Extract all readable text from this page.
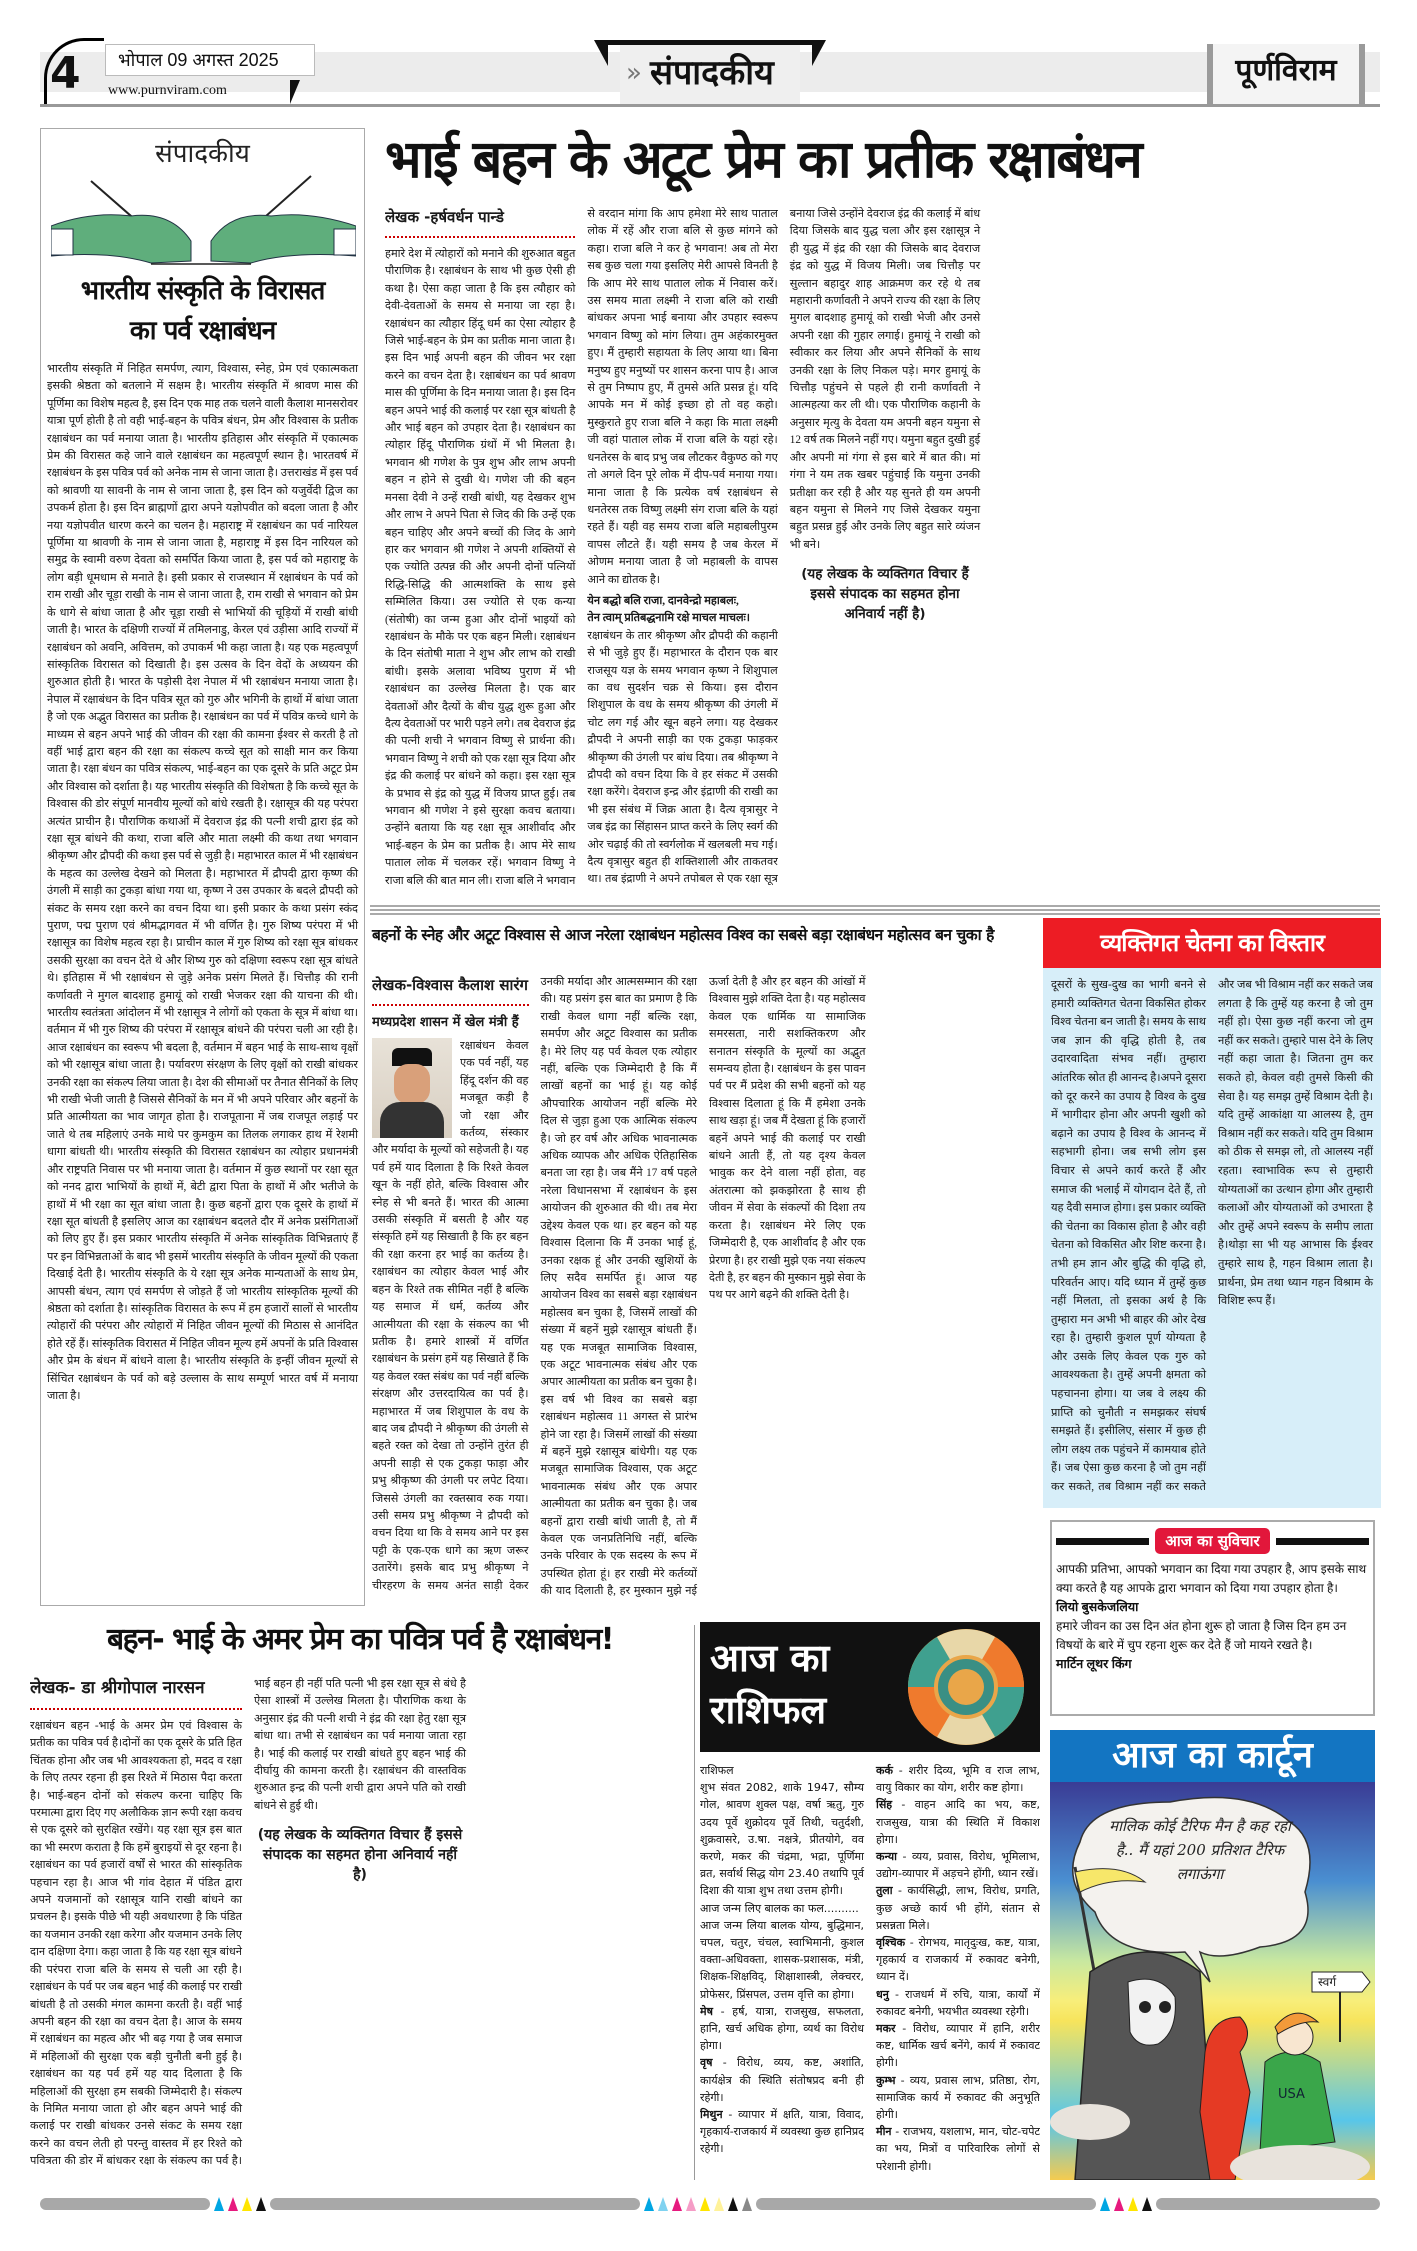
4	भोपाल 09 अगस्त 2025
www.purnviram.com
» संपादकीय	पूर्णविराम
संपादकीय
भारतीय संस्कृति के विरासत
का पर्व रक्षाबंधन
भारतीय संस्कृति में निहित समर्पण, त्याग, विश्वास, स्नेह, प्रेम एवं एकात्मकता इसकी श्रेष्ठता को बतलाने में सक्षम है। भारतीय संस्कृति में श्रावण मास की पूर्णिमा का विशेष महत्व है, इस दिन एक माह तक चलने वाली कैलाश मानसरोवर यात्रा पूर्ण होती है तो वही भाई-बहन के पवित्र बंधन, प्रेम और विश्वास के प्रतीक रक्षाबंधन का पर्व मनाया जाता है। भारतीय इतिहास और संस्कृति में एकात्मक प्रेम की विरासत कहे जाने वाले रक्षाबंधन का महत्वपूर्ण स्थान है। भारतवर्ष में रक्षाबंधन के इस पवित्र पर्व को अनेक नाम से जाना जाता है। उत्तराखंड में इस पर्व को श्रावणी या सावनी के नाम से जाना जाता है, इस दिन को यजुर्वेदी द्विज का उपकर्म होता है। इस दिन ब्राह्मणों द्वारा अपने यज्ञोपवीत को बदला जाता है और नया यज्ञोपवीत धारण करने का चलन है। महाराष्ट्र में रक्षाबंधन का पर्व नारियल पूर्णिमा या श्रावणी के नाम से जाना जाता है, महाराष्ट्र में इस दिन नारियल को समुद्र के स्वामी वरुण देवता को समर्पित किया जाता है, इस पर्व को महाराष्ट्र के लोग बड़ी धूमधाम से मनाते है। इसी प्रकार से राजस्थान में रक्षाबंधन के पर्व को राम राखी और चूड़ा राखी के नाम से जाना जाता है, राम राखी से भगवान को प्रेम के धागे से बांधा जाता है और चूड़ा राखी से भाभियों की चूड़ियों में राखी बांधी जाती है। भारत के दक्षिणी राज्यों में तमिलनाडु, केरल एवं उड़ीसा आदि राज्यों में रक्षाबंधन को अवनि, अवित्तम, को उपाकर्म भी कहा जाता है। यह एक महत्वपूर्ण सांस्कृतिक विरासत को दिखाती है। इस उत्सव के दिन वेदों के अध्ययन की शुरुआत होती है। भारत के पड़ोसी देश नेपाल में भी रक्षाबंधन मनाया जाता है। नेपाल में रक्षाबंधन के दिन पवित्र सूत को गुरु और भगिनी के हाथों में बांधा जाता है जो एक अद्भुत विरासत का प्रतीक है। रक्षाबंधन का पर्व में पवित्र कच्चे धागे के माध्यम से बहन अपने भाई की जीवन की रक्षा की कामना ईश्वर से करती है तो वहीं भाई द्वारा बहन की रक्षा का संकल्प कच्चे सूत को साक्षी मान कर किया जाता है। रक्षा बंधन का पवित्र संकल्प, भाई-बहन का एक दूसरे के प्रति अटूट प्रेम और विश्वास को दर्शाता है। यह भारतीय संस्कृति की विशेषता है कि कच्चे सूत के विश्वास की डोर संपूर्ण मानवीय मूल्यों को बांधे रखती है। रक्षासूत्र की यह परंपरा अत्यंत प्राचीन है। पौराणिक कथाओं में देवराज इंद्र की पत्नी शची द्वारा इंद्र को रक्षा सूत्र बांधने की कथा, राजा बलि और माता लक्ष्मी की कथा तथा भगवान श्रीकृष्ण और द्रौपदी की कथा इस पर्व से जुड़ी है। महाभारत काल में भी रक्षाबंधन के महत्व का उल्लेख देखने को मिलता है। महाभारत में द्रौपदी द्वारा कृष्ण की उंगली में साड़ी का टुकड़ा बांधा गया था, कृष्ण ने उस उपकार के बदले द्रौपदी को संकट के समय रक्षा करने का वचन दिया था। इसी प्रकार के कथा प्रसंग स्कंद पुराण, पद्म पुराण एवं श्रीमद्भागवत में भी वर्णित है। गुरु शिष्य परंपरा में भी रक्षासूत्र का विशेष महत्व रहा है। प्राचीन काल में गुरु शिष्य को रक्षा सूत्र बांधकर उसकी सुरक्षा का वचन देते थे और शिष्य गुरु को दक्षिणा स्वरूप रक्षा सूत्र बांधते थे। इतिहास में भी रक्षाबंधन से जुड़े अनेक प्रसंग मिलते हैं। चित्तौड़ की रानी कर्णावती ने मुगल बादशाह हुमायूं को राखी भेजकर रक्षा की याचना की थी। भारतीय स्वतंत्रता आंदोलन में भी रक्षासूत्र ने लोगों को एकता के सूत्र में बांधा था। वर्तमान में भी गुरु शिष्य की परंपरा में रक्षासूत्र बांधने की परंपरा चली आ रही है। आज रक्षाबंधन का स्वरूप भी बदला है, वर्तमान में बहन भाई के साथ-साथ वृक्षों को भी रक्षासूत्र बांधा जाता है। पर्यावरण संरक्षण के लिए वृक्षों को राखी बांधकर उनकी रक्षा का संकल्प लिया जाता है। देश की सीमाओं पर तैनात सैनिकों के लिए भी राखी भेजी जाती है जिससे सैनिकों के मन में भी अपने परिवार और बहनों के प्रति आत्मीयता का भाव जागृत होता है। राजपूताना में जब राजपूत लड़ाई पर जाते थे तब महिलाएं उनके माथे पर कुमकुम का तिलक लगाकर हाथ में रेशमी धागा बांधती थी। भारतीय संस्कृति की विरासत रक्षाबंधन का त्योहार प्रधानमंत्री और राष्ट्रपति निवास पर भी मनाया जाता है। वर्तमान में कुछ स्थानों पर रक्षा सूत को ननद द्वारा भाभियों के हाथों में, बेटी द्वारा पिता के हाथों में और भतीजे के हाथों में भी रक्षा का सूत बांधा जाता है। कुछ बहनों द्वारा एक दूसरे के हाथों में रक्षा सूत बांधती है इसलिए आज का रक्षाबंधन बदलते दौर में अनेक प्रसंगिताओं को लिए हुए हैं। इस प्रकार भारतीय संस्कृति में अनेक सांस्कृतिक विभिन्नताएं हैं पर इन विभिन्नताओं के बाद भी इसमें भारतीय संस्कृति के जीवन मूल्यों की एकता दिखाई देती है। भारतीय संस्कृति के ये रक्षा सूत्र अनेक मान्यताओं के साथ प्रेम, आपसी बंधन, त्याग एवं समर्पण से जोड़ते हैं जो भारतीय सांस्कृतिक मूल्यों की श्रेष्ठता को दर्शाता है। सांस्कृतिक विरासत के रूप में हम हजारों सालों से भारतीय त्योहारों की परंपरा और त्योहारों में निहित जीवन मूल्यों की मिठास से आनंदित होते रहें हैं। सांस्कृतिक विरासत में निहित जीवन मूल्य हमें अपनों के प्रति विश्वास और प्रेम के बंधन में बांधने वाला है। भारतीय संस्कृति के इन्हीं जीवन मूल्यों से सिंचित रक्षाबंधन के पर्व को बड़े उल्लास के साथ सम्पूर्ण भारत वर्ष में मनाया जाता है।
भाई बहन के अटूट प्रेम का प्रतीक रक्षाबंधन
लेखक -हर्षवर्धन पान्डे
हमारे देश में त्योहारों को मनाने की शुरुआत बहुत पौराणिक है। रक्षाबंधन के साथ भी कुछ ऐसी ही कथा है। ऐसा कहा जाता है कि इस त्यौहार को देवी-देवताओं के समय से मनाया जा रहा है। रक्षाबंधन का त्यौहार हिंदू धर्म का ऐसा त्योहार है जिसे भाई-बहन के प्रेम का प्रतीक माना जाता है। इस दिन भाई अपनी बहन की जीवन भर रक्षा करने का वचन देता है। रक्षाबंधन का पर्व श्रावण मास की पूर्णिमा के दिन मनाया जाता है। इस दिन बहन अपने भाई की कलाई पर रक्षा सूत्र बांधती है और भाई बहन को उपहार देता है। रक्षाबंधन का त्योहार हिंदू पौराणिक ग्रंथों में भी मिलता है। भगवान श्री गणेश के पुत्र शुभ और लाभ अपनी बहन न होने से दुखी थे। गणेश जी की बहन मनसा देवी ने उन्हें राखी बांधी, यह देखकर शुभ और लाभ ने अपने पिता से जिद की कि उन्हें एक बहन चाहिए और अपने बच्चों की जिद के आगे हार कर भगवान श्री गणेश ने अपनी शक्तियों से एक ज्योति उत्पन्न की और अपनी दोनों पत्नियों रिद्धि-सिद्धि की आत्मशक्ति के साथ इसे सम्मिलित किया। उस ज्योति से एक कन्या (संतोषी) का जन्म हुआ और दोनों भाइयों को रक्षाबंधन के मौके पर एक बहन मिली। रक्षाबंधन के दिन संतोषी माता ने शुभ और लाभ को राखी बांधी। इसके अलावा भविष्य पुराण में भी रक्षाबंधन का उल्लेख मिलता है। एक बार देवताओं और दैत्यों के बीच युद्ध शुरू हुआ और दैत्य देवताओं पर भारी पड़ने लगे। तब देवराज इंद्र की पत्नी शची ने भगवान विष्णु से प्रार्थना की। भगवान विष्णु ने शची को एक रक्षा सूत्र दिया और इंद्र की कलाई पर बांधने को कहा। इस रक्षा सूत्र के प्रभाव से इंद्र को युद्ध में विजय प्राप्त हुई। तब भगवान श्री गणेश ने इसे सुरक्षा कवच बताया। उन्होंने बताया कि यह रक्षा सूत्र आशीर्वाद और भाई-बहन के प्रेम का प्रतीक है। आप मेरे साथ पाताल लोक में चलकर रहें। भगवान विष्णु ने राजा बलि की बात मान ली। राजा बलि ने भगवान से वरदान मांगा कि आप हमेशा मेरे साथ पाताल लोक में रहें और राजा बलि से कुछ मांगने को कहा। राजा बलि ने कर हे भगवान! अब तो मेरा सब कुछ चला गया इसलिए मेरी आपसे विनती है कि आप मेरे साथ पाताल लोक में निवास करें। उस समय माता लक्ष्मी ने राजा बलि को राखी बांधकर अपना भाई बनाया और उपहार स्वरूप भगवान विष्णु को मांग लिया। तुम अहंकारमुक्त हुए। मैं तुम्हारी सहायता के लिए आया था। बिना मनुष्य हुए मनुष्यों पर शासन करना पाप है। आज से तुम निष्पाप हुए, मैं तुमसे अति प्रसन्न हूं। यदि आपके मन में कोई इच्छा हो तो वह कहो। मुस्कुराते हुए राजा बलि ने कहा कि माता लक्ष्मी जी वहां पाताल लोक में राजा बलि के यहां रहे। धनतेरस के बाद प्रभु जब लौटकर वैकुण्ठ को गए तो अगले दिन पूरे लोक में दीप-पर्व मनाया गया। माना जाता है कि प्रत्येक वर्ष रक्षाबंधन से धनतेरस तक विष्णु लक्ष्मी संग राजा बलि के यहां रहते हैं। यही वह समय राजा बलि महाबलीपुरम वापस लौटते हैं। यही समय है जब केरल में ओणम मनाया जाता है जो महाबली के वापस आने का द्योतक है।
येन बद्धो बलि राजा, दानवेन्द्रो महाबलः,
तेन त्वाम् प्रतिबद्धनामि रक्षे माचल माचलः।
रक्षाबंधन के तार श्रीकृष्ण और द्रौपदी की कहानी से भी जुड़े हुए हैं। महाभारत के दौरान एक बार राजसूय यज्ञ के समय भगवान कृष्ण ने शिशुपाल का वध सुदर्शन चक्र से किया। इस दौरान शिशुपाल के वध के समय श्रीकृष्ण की उंगली में चोट लग गई और खून बहने लगा। यह देखकर द्रौपदी ने अपनी साड़ी का एक टुकड़ा फाड़कर श्रीकृष्ण की उंगली पर बांध दिया। तब श्रीकृष्ण ने द्रौपदी को वचन दिया कि वे हर संकट में उसकी रक्षा करेंगे। देवराज इन्द्र और इंद्राणी की राखी का भी इस संबंध में जिक्र आता है। दैत्य वृत्रासुर ने जब इंद्र का सिंहासन प्राप्त करने के लिए स्वर्ग की ओर चढ़ाई की तो स्वर्गलोक में खलबली मच गई। दैत्य वृत्रासुर बहुत ही शक्तिशाली और ताकतवर था। तब इंद्राणी ने अपने तपोबल से एक रक्षा सूत्र बनाया जिसे उन्होंने देवराज इंद्र की कलाई में बांध दिया जिसके बाद युद्ध चला और इस रक्षासूत्र ने ही युद्ध में इंद्र की रक्षा की जिसके बाद देवराज इंद्र को युद्ध में विजय मिली। जब चित्तौड़ पर सुल्तान बहादुर शाह आक्रमण कर रहे थे तब महारानी कर्णावती ने अपने राज्य की रक्षा के लिए मुगल बादशाह हुमायूं को राखी भेजी और उनसे अपनी रक्षा की गुहार लगाई। हुमायूं ने राखी को स्वीकार कर लिया और अपने सैनिकों के साथ उनकी रक्षा के लिए निकल पड़े। मगर हुमायूं के चित्तौड़ पहुंचने से पहले ही रानी कर्णावती ने आत्महत्या कर ली थी। एक पौराणिक कहानी के अनुसार मृत्यु के देवता यम अपनी बहन यमुना से 12 वर्ष तक मिलने नहीं गए। यमुना बहुत दुखी हुई और अपनी मां गंगा से इस बारे में बात की। मां गंगा ने यम तक खबर पहुंचाई कि यमुना उनकी प्रतीक्षा कर रही है और यह सुनते ही यम अपनी बहन यमुना से मिलने गए जिसे देखकर यमुना बहुत प्रसन्न हुई और उनके लिए बहुत सारे व्यंजन भी बने।
(यह लेखक के व्यक्तिगत विचार हैं इससे संपादक का सहमत होना अनिवार्य नहीं है)
बहनों के स्नेह और अटूट विश्वास से आज नरेला रक्षाबंधन महोत्सव विश्व का सबसे बड़ा रक्षाबंधन महोत्सव बन चुका है
लेखक-विश्वास कैलाश सारंग
मध्यप्रदेश शासन में खेल मंत्री हैं
रक्षाबंधन केवल एक पर्व नहीं, यह हिंदू दर्शन की वह मजबूत कड़ी है जो रक्षा और कर्तव्य, संस्कार और मर्यादा के मूल्यों को सहेजती है। यह पर्व हमें याद दिलाता है कि रिश्ते केवल खून के नहीं होते, बल्कि विश्वास और स्नेह से भी बनते हैं। भारत की आत्मा उसकी संस्कृति में बसती है और यह संस्कृति हमें यह सिखाती है कि हर बहन की रक्षा करना हर भाई का कर्तव्य है। रक्षाबंधन का त्योहार केवल भाई और बहन के रिश्ते तक सीमित नहीं है बल्कि यह समाज में धर्म, कर्तव्य और आत्मीयता की रक्षा के संकल्प का भी प्रतीक है। हमारे शास्त्रों में वर्णित रक्षाबंधन के प्रसंग हमें यह सिखाते हैं कि यह केवल रक्त संबंध का पर्व नहीं बल्कि संरक्षण और उत्तरदायित्व का पर्व है। महाभारत में जब शिशुपाल के वध के बाद जब द्रौपदी ने श्रीकृष्ण की उंगली से बहते रक्त को देखा तो उन्होंने तुरंत ही अपनी साड़ी से एक टुकड़ा फाड़ा और प्रभु श्रीकृष्ण की उंगली पर लपेट दिया। जिससे उंगली का रक्तस्राव रुक गया। उसी समय प्रभु श्रीकृष्ण ने द्रौपदी को वचन दिया था कि वे समय आने पर इस पट्टी के एक-एक धागे का ऋण जरूर उतारेंगे। इसके बाद प्रभु श्रीकृष्ण ने चीरहरण के समय अनंत साड़ी देकर उनकी मर्यादा और आत्मसम्मान की रक्षा की। यह प्रसंग इस बात का प्रमाण है कि राखी केवल धागा नहीं बल्कि रक्षा, समर्पण और अटूट विश्वास का प्रतीक है। मेरे लिए यह पर्व केवल एक त्योहार नहीं, बल्कि एक जिम्मेदारी है कि मैं लाखों बहनों का भाई हूं। यह कोई औपचारिक आयोजन नहीं बल्कि मेरे दिल से जुड़ा हुआ एक आत्मिक संकल्प है। जो हर वर्ष और अधिक भावनात्मक अधिक व्यापक और अधिक ऐतिहासिक बनता जा रहा है। जब मैंने 17 वर्ष पहले नरेला विधानसभा में रक्षाबंधन के इस आयोजन की शुरुआत की थी। तब मेरा उद्देश्य केवल एक था। हर बहन को यह विश्वास दिलाना कि मैं उनका भाई हूं, उनका रक्षक हूं और उनकी खुशियों के लिए सदैव समर्पित हूं। आज यह आयोजन विश्व का सबसे बड़ा रक्षाबंधन महोत्सव बन चुका है, जिसमें लाखों की संख्या में बहनें मुझे रक्षासूत्र बांधती हैं। यह एक मजबूत सामाजिक विश्वास, एक अटूट भावनात्मक संबंध और एक अपार आत्मीयता का प्रतीक बन चुका है। इस वर्ष भी विश्व का सबसे बड़ा रक्षाबंधन महोत्सव 11 अगस्त से प्रारंभ होने जा रहा है। जिसमें लाखों की संख्या में बहनें मुझे रक्षासूत्र बांधेगी। यह एक मजबूत सामाजिक विश्वास, एक अटूट भावनात्मक संबंध और एक अपार आत्मीयता का प्रतीक बन चुका है। जब बहनों द्वारा राखी बांधी जाती है, तो मैं केवल एक जनप्रतिनिधि नहीं, बल्कि उनके परिवार के एक सदस्य के रूप में उपस्थित होता हूं। हर राखी मेरे कर्तव्यों की याद दिलाती है, हर मुस्कान मुझे नई ऊर्जा देती है और हर बहन की आंखों में विश्वास मुझे शक्ति देता है। यह महोत्सव केवल एक धार्मिक या सामाजिक समरसता, नारी सशक्तिकरण और सनातन संस्कृति के मूल्यों का अद्भुत समन्वय होता है। रक्षाबंधन के इस पावन पर्व पर मैं प्रदेश की सभी बहनों को यह विश्वास दिलाता हूं कि मैं हमेशा उनके साथ खड़ा हूं। जब मैं देखता हूं कि हजारों बहनें अपने भाई की कलाई पर राखी बांधने आती हैं, तो यह दृश्य केवल भावुक कर देने वाला नहीं होता, वह अंतरात्मा को झकझोरता है साथ ही जीवन में सेवा के संकल्पों की दिशा तय करता है। रक्षाबंधन मेरे लिए एक जिम्मेदारी है, एक आशीर्वाद है और एक प्रेरणा है। हर राखी मुझे एक नया संकल्प देती है, हर बहन की मुस्कान मुझे सेवा के पथ पर आगे बढ़ने की शक्ति देती है।
व्यक्तिगत चेतना का विस्तार
दूसरों के सुख-दुख का भागी बनने से हमारी व्यक्तिगत चेतना विकसित होकर विश्व चेतना बन जाती है। समय के साथ जब ज्ञान की वृद्धि होती है, तब उदारवादिता संभव नहीं। तुम्हारा आंतरिक स्रोत ही आनन्द है।अपने दूसरा को दूर करने का उपाय है विश्व के दुख में भागीदार होना और अपनी खुशी को बढ़ाने का उपाय है विश्व के आनन्द में सहभागी होना। जब सभी लोग इस विचार से अपने कार्य करते हैं और समाज की भलाई में योगदान देते हैं, तो यह दैवी समाज होगा। इस प्रकार व्यक्ति की चेतना का विकास होता है और वही चेतना को विकसित और शिष्ट करना है। तभी हम ज्ञान और बुद्धि की वृद्धि हो, परिवर्तन आए। यदि ध्यान में तुम्हें कुछ नहीं मिलता, तो इसका अर्थ है कि तुम्हारा मन अभी भी बाहर की ओर देख रहा है। तुम्हारी कुशल पूर्ण योग्यता है और उसके लिए केवल एक गुरु को आवश्यकता है। तुम्हें अपनी क्षमता को पहचानना होगा। या जब वे लक्ष्य की प्राप्ति को चुनौती न समझकर संघर्ष समझते हैं। इसीलिए, संसार में कुछ ही लोग लक्ष्य तक पहुंचने में कामयाब होते हैं। जब ऐसा कुछ करना है जो तुम नहीं कर सकते, तब विश्राम नहीं कर सकते और जब भी विश्राम नहीं कर सकते जब लगता है कि तुम्हें यह करना है जो तुम नहीं हो। ऐसा कुछ नहीं करना जो तुम नहीं कर सकते। तुम्हारे पास देने के लिए नहीं कहा जाता है। जितना तुम कर सकते हो, केवल वही तुमसे किसी की सेवा है। यह समझ तुम्हें विश्राम देती है। यदि तुम्हें आकांक्षा या आलस्य है, तुम विश्राम नहीं कर सकते। यदि तुम विश्राम को ठीक से समझ लो, तो आलस्य नहीं रहता। स्वाभाविक रूप से तुम्हारी योग्यताओं का उत्थान होगा और तुम्हारी कलाओं और योग्यताओं को उभारता है और तुम्हें अपने स्वरूप के समीप लाता है।थोड़ा सा भी यह आभास कि ईश्वर तुम्हारे साथ है, गहन विश्राम लाता है।प्रार्थना, प्रेम तथा ध्यान गहन विश्राम के विशिष्ट रूप हैं।
आज का सुविचार
आपकी प्रतिभा, आपको भगवान का दिया गया उपहार है, आप इसके साथ क्या करते है यह आपके द्वारा भगवान को दिया गया उपहार होता है।
लियो बुसकेजलिया
हमारे जीवन का उस दिन अंत होना शुरू हो जाता है जिस दिन हम उन विषयों के बारे में चुप रहना शुरू कर देते हैं जो मायने रखते है।
मार्टिन लूथर किंग
आज का कार्टून
मालिक कोई टैरिफ मैन है कह रहा है.. मैं यहां 200 प्रतिशत टैरिफ लगाऊंगा
स्वर्ग
USA
बहन- भाई के अमर प्रेम का पवित्र पर्व है रक्षाबंधन!
लेखक- डा श्रीगोपाल नारसन
रक्षाबंधन बहन -भाई के अमर प्रेम एवं विश्वास के प्रतीक का पवित्र पर्व है।दोनों का एक दूसरे के प्रति हित चिंतक होना और जब भी आवश्यकता हो, मदद व रक्षा के लिए तत्पर रहना ही इस रिश्ते में मिठास पैदा करता है। भाई-बहन दोनों को संकल्प करना चाहिए कि परमात्मा द्वारा दिए गए अलौकिक ज्ञान रूपी रक्षा कवच से एक दूसरे को सुरक्षित रखेंगे। यह रक्षा सूत्र इस बात का भी स्मरण कराता है कि हमें बुराइयों से दूर रहना है। रक्षाबंधन का पर्व हजारों वर्षों से भारत की सांस्कृतिक पहचान रहा है। आज भी गांव देहात में पंडित द्वारा अपने यजमानों को रक्षासूत्र यानि राखी बांधने का प्रचलन है। इसके पीछे भी यही अवधारणा है कि पंडित का यजमान उनकी रक्षा करेगा और यजमान उनके लिए दान दक्षिणा देगा। कहा जाता है कि यह रक्षा सूत्र बांधने की परंपरा राजा बलि के समय से चली आ रही है। रक्षाबंधन के पर्व पर जब बहन भाई की कलाई पर राखी बांधती है तो उसकी मंगल कामना करती है। वहीं भाई अपनी बहन की रक्षा का वचन देता है। आज के समय में रक्षाबंधन का महत्व और भी बढ़ गया है जब समाज में महिलाओं की सुरक्षा एक बड़ी चुनौती बनी हुई है। रक्षाबंधन का यह पर्व हमें यह याद दिलाता है कि महिलाओं की सुरक्षा हम सबकी जिम्मेदारी है। संकल्प के निमित मनाया जाता हो और बहन अपने भाई की कलाई पर राखी बांधकर उनसे संकट के समय रक्षा करने का वचन लेती हो परन्तु वास्तव में हर रिश्ते को पवित्रता की डोर में बांधकर रक्षा के संकल्प का पर्व है। भाई बहन ही नहीं पति पत्नी भी इस रक्षा सूत्र से बंधे है ऐसा शास्त्रों में उल्लेख मिलता है। पौराणिक कथा के अनुसार इंद्र की पत्नी शची ने इंद्र की रक्षा हेतु रक्षा सूत्र बांधा था। तभी से रक्षाबंधन का पर्व मनाया जाता रहा है। भाई की कलाई पर राखी बांधते हुए बहन भाई की दीर्घायु की कामना करती है। रक्षाबंधन की वास्तविक शुरुआत इन्द्र की पत्नी शची द्वारा अपने पति को राखी बांधने से हुई थी।
(यह लेखक के व्यक्तिगत विचार हैं इससे संपादक का सहमत होना अनिवार्य नहीं है)
आज का
राशिफल
राशिफल
शुभ संवत 2082, शाके 1947, सौम्य गोल, श्रावण शुक्ल पक्ष, वर्षा ऋतु, गुरु उदय पूर्वे शुक्रोदय पूर्वे तिथी, चतुर्दशी, शुक्रवासरे, उ.षा. नक्षत्रे, प्रीतयोगे, वव करणे, मकर की चंद्रमा, भद्रा, पूर्णिमा व्रत, सर्वार्थ सिद्ध योग 23.40 तथापि पूर्व दिशा की यात्रा शुभ तथा उत्तम होगी।
आज जन्म लिए बालक का फल..........
आज जन्म लिया बालक योग्य, बुद्धिमान, चपल, चतुर, चंचल, स्वाभिमानी, कुशल वक्ता-अधिवक्ता, शासक-प्रशासक, मंत्री, शिक्षक-शिक्षविद्, शिक्षाशास्त्री, लेक्चरर, प्रोफेसर, प्रिंसपल, उत्तम वृत्ति का होगा।
मेष - हर्ष, यात्रा, राजसुख, सफलता, हानि, खर्च अधिक होगा, व्यर्थ का विरोध होगा।
वृष - विरोध, व्यय, कष्ट, अशांति, कार्यक्षेत्र की स्थिति संतोषप्रद बनी ही रहेगी।
मिथुन - व्यापार में क्षति, यात्रा, विवाद, गृहकार्य-राजकार्य में व्यवस्था कुछ हानिप्रद रहेगी।
कर्क - शरीर दिव्य, भूमि व राज लाभ, वायु विकार का योग, शरीर कष्ट होगा।
सिंह - वाहन आदि का भय, कष्ट, राजसुख, यात्रा की स्थिति में विकाश होगा।
कन्या - व्यय, प्रवास, विरोध, भूमिलाभ, उद्योग-व्यापार में अड़चने होंगी, ध्यान रखें।
तुला - कार्यसिद्धी, लाभ, विरोध, प्रगति, कुछ अच्छे कार्य भी होंगे, संतान से प्रसन्नता मिले।
वृश्चिक - रोगभय, मातृदुःख, कष्ट, यात्रा, गृहकार्य व राजकार्य में रुकावट बनेगी, ध्यान दें।
धनु - राजधर्म में रुचि, यात्रा, कार्यों में रुकावट बनेगी, भयभीत व्यवस्था रहेगी।
मकर - विरोध, व्यापार में हानि, शरीर कष्ट, धार्मिक खर्च बनेंगे, कार्य में रुकावट होगी।
कुम्भ - व्यय, प्रवास लाभ, प्रतिष्ठा, रोग, सामाजिक कार्य में रुकावट की अनुभूति होगी।
मीन - राजभय, यशलाभ, मान, चोट-चपेट का भय, मित्रों व पारिवारिक लोगों से परेशानी होगी।
